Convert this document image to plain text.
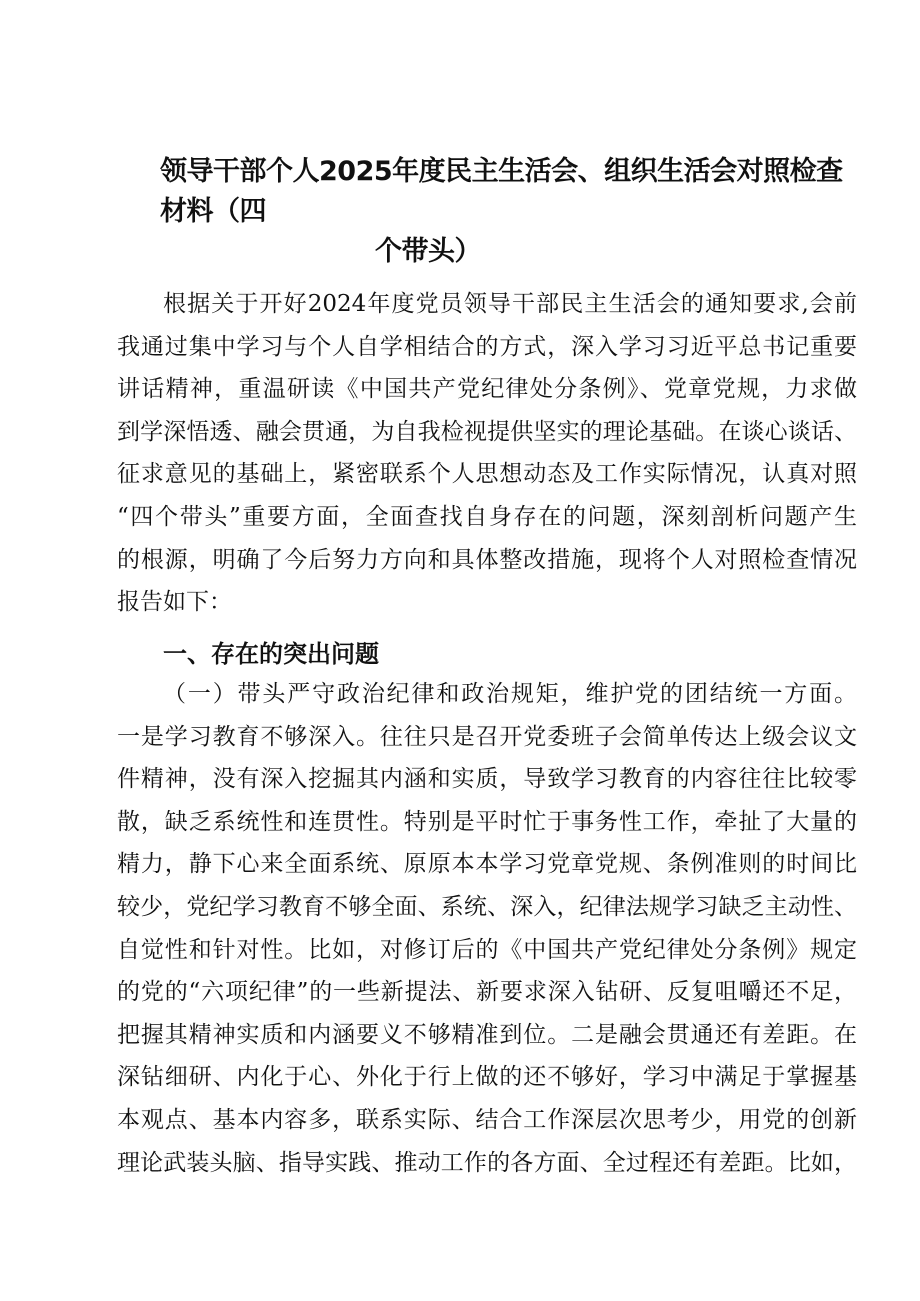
领导干部个人2025年度民主生活会、组织生活会对照检查材料（四
个带头）
根据关于开好2024年度党员领导干部民主生活会的通知要求,会前
我通过集中学习与个人自学相结合的方式，深入学习习近平总书记重要
讲话精神，重温研读《中国共产党纪律处分条例》、党章党规，力求做
到学深悟透、融会贯通，为自我检视提供坚实的理论基础。在谈心谈话、
征求意见的基础上，紧密联系个人思想动态及工作实际情况，认真对照
“四个带头”重要方面，全面查找自身存在的问题，深刻剖析问题产生
的根源，明确了今后努力方向和具体整改措施，现将个人对照检查情况
报告如下：
一、存在的突出问题
（一）带头严守政治纪律和政治规矩，维护党的团结统一方面。
一是学习教育不够深入。往往只是召开党委班子会简单传达上级会议文
件精神，没有深入挖掘其内涵和实质，导致学习教育的内容往往比较零
散，缺乏系统性和连贯性。特别是平时忙于事务性工作，牵扯了大量的
精力，静下心来全面系统、原原本本学习党章党规、条例准则的时间比
较少，党纪学习教育不够全面、系统、深入，纪律法规学习缺乏主动性、
自觉性和针对性。比如，对修订后的《中国共产党纪律处分条例》规定
的党的“六项纪律”的一些新提法、新要求深入钻研、反复咀嚼还不足，
把握其精神实质和内涵要义不够精准到位。二是融会贯通还有差距。在
深钻细研、内化于心、外化于行上做的还不够好，学习中满足于掌握基
本观点、基本内容多，联系实际、结合工作深层次思考少，用党的创新
理论武装头脑、指导实践、推动工作的各方面、全过程还有差距。比如，
